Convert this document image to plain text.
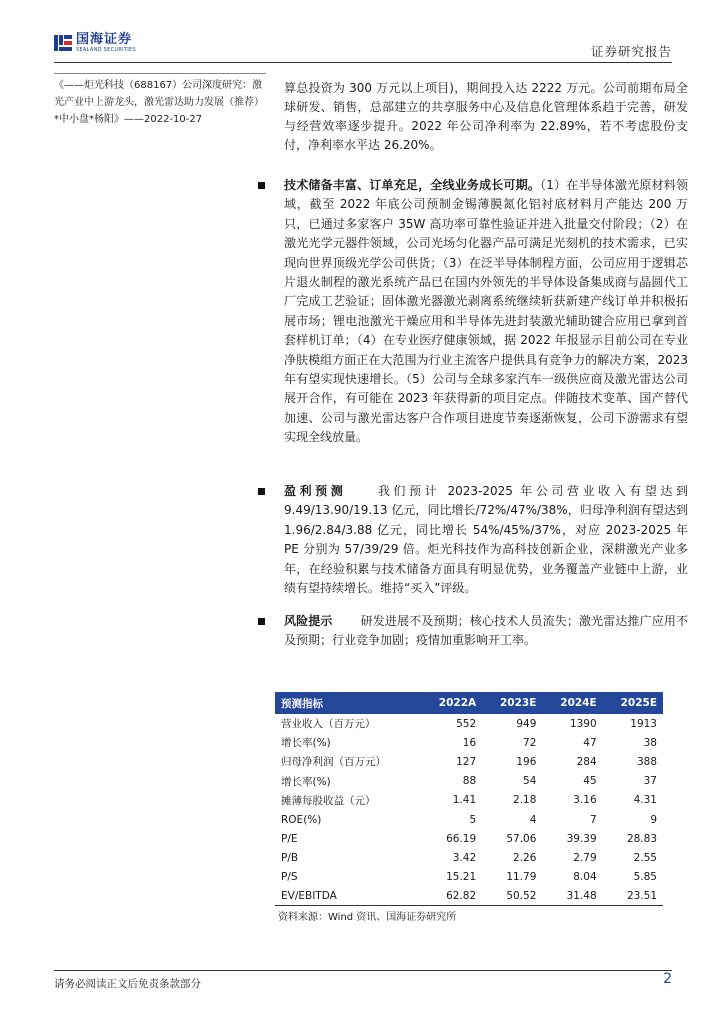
国海证券
SEALAND SECURITIES	证券研究报告
《——炬光科技（688167）公司深度研究：激光产业中上游龙头，激光雷达助力发展（推荐）*中小盘*杨阳》——2022-10-27
算总投资为 300 万元以上项目)，期间投入达 2222 万元。公司前期布局全球研发、销售，总部建立的共享服务中心及信息化管理体系趋于完善，研发与经营效率逐步提升。2022 年公司净利率为 22.89%，若不考虑股份支付，净利率水平达 26.20%。
技术储备丰富、订单充足，全线业务成长可期。（1）在半导体激光原材料领域，截至 2022 年底公司预制金锡薄膜氮化铝衬底材料月产能达 200 万只，已通过多家客户 35W 高功率可靠性验证并进入批量交付阶段；（2）在激光光学元器件领域，公司光场匀化器产品可满足光刻机的技术需求，已实现向世界顶级光学公司供货；（3）在泛半导体制程方面，公司应用于逻辑芯片退火制程的激光系统产品已在国内外领先的半导体设备集成商与晶圆代工厂完成工艺验证；固体激光器激光剥离系统继续斩获新建产线订单并积极拓展市场；锂电池激光干燥应用和半导体先进封装激光辅助键合应用已拿到首套样机订单；（4）在专业医疗健康领域，据 2022 年报显示目前公司在专业净肤模组方面正在大范围为行业主流客户提供具有竞争力的解决方案，2023 年有望实现快速增长。（5）公司与全球多家汽车一级供应商及激光雷达公司展开合作，有可能在 2023 年获得新的项目定点。伴随技术变革、国产替代加速、公司与激光雷达客户合作项目进度节奏逐渐恢复，公司下游需求有望实现全线放量。
盈利预测 我们预计 2023-2025 年公司营业收入有望达到 9.49/13.90/19.13 亿元，同比增长/72%/47%/38%，归母净利润有望达到 1.96/2.84/3.88 亿元，同比增长 54%/45%/37%，对应 2023-2025 年 PE 分别为 57/39/29 倍。炬光科技作为高科技创新企业，深耕激光产业多年，在经验积累与技术储备方面具有明显优势，业务覆盖产业链中上游，业绩有望持续增长。维持“买入”评级。
风险提示 研发进展不及预期；核心技术人员流失；激光雷达推广应用不及预期；行业竞争加剧；疫情加重影响开工率。
预测指标	2022A	2023E	2024E	2025E
营业收入（百万元）	552	949	1390	1913
增长率(%)	16	72	47	38
归母净利润（百万元）	127	196	284	388
增长率(%)	88	54	45	37
摊薄每股收益（元）	1.41	2.18	3.16	4.31
ROE(%)	5	4	7	9
P/E	66.19	57.06	39.39	28.83
P/B	3.42	2.26	2.79	2.55
P/S	15.21	11.79	8.04	5.85
EV/EBITDA	62.82	50.52	31.48	23.51
资料来源：Wind 资讯、国海证券研究所
请务必阅读正文后免责条款部分	2
